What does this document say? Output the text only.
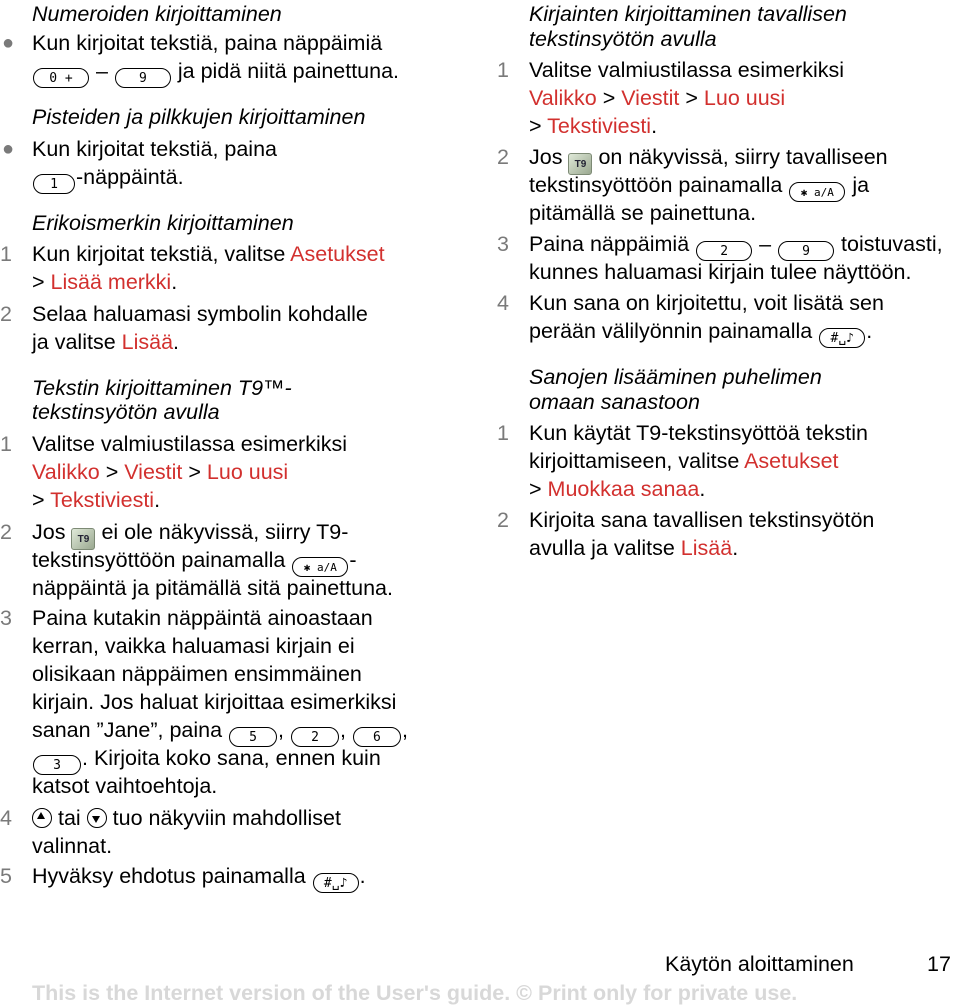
Numeroiden kirjoittaminen
● Kun kirjoitat tekstiä, paina näppäimiä
0 + – 9 ja pidä niitä painettuna.
Pisteiden ja pilkkujen kirjoittaminen
● Kun kirjoitat tekstiä, paina
1 -näppäintä.
Erikoismerkin kirjoittaminen
1 Kun kirjoitat tekstiä, valitse Asetukset
> Lisää merkki.
2 Selaa haluamasi symbolin kohdalle
ja valitse Lisää.
Tekstin kirjoittaminen T9™-
tekstinsyötön avulla
1 Valitse valmiustilassa esimerkiksi
Valikko > Viestit > Luo uusi
> Tekstiviesti.
2 Jos T9 ei ole näkyvissä, siirry T9-
tekstinsyöttöön painamalla ✱ a/A -
näppäintä ja pitämällä sitä painettuna.
3 Paina kutakin näppäintä ainoastaan
kerran, vaikka haluamasi kirjain ei
olisikaan näppäimen ensimmäinen
kirjain. Jos haluat kirjoittaa esimerkiksi
sanan ”Jane”, paina 5 , 2 , 6 ,
3 . Kirjoita koko sana, ennen kuin
katsot vaihtoehtoja.
4	tai tuo näkyviin mahdolliset
valinnat.
5 Hyväksy ehdotus painamalla #␣♪ .
Kirjainten kirjoittaminen tavallisen
tekstinsyötön avulla
1 Valitse valmiustilassa esimerkiksi
Valikko > Viestit > Luo uusi
> Tekstiviesti.
2 Jos T9 on näkyvissä, siirry tavalliseen
tekstinsyöttöön painamalla ✱ a/A ja
pitämällä se painettuna.
3 Paina näppäimiä 2 – 9 toistuvasti,
kunnes haluamasi kirjain tulee näyttöön.
4 Kun sana on kirjoitettu, voit lisätä sen
perään välilyönnin painamalla #␣♪ .
Sanojen lisääminen puhelimen
omaan sanastoon
1 Kun käytät T9-tekstinsyöttöä tekstin
kirjoittamiseen, valitse Asetukset
> Muokkaa sanaa.
2 Kirjoita sana tavallisen tekstinsyötön
avulla ja valitse Lisää.
Käytön aloittaminen	17
This is the Internet version of the User's guide. © Print only for private use.
